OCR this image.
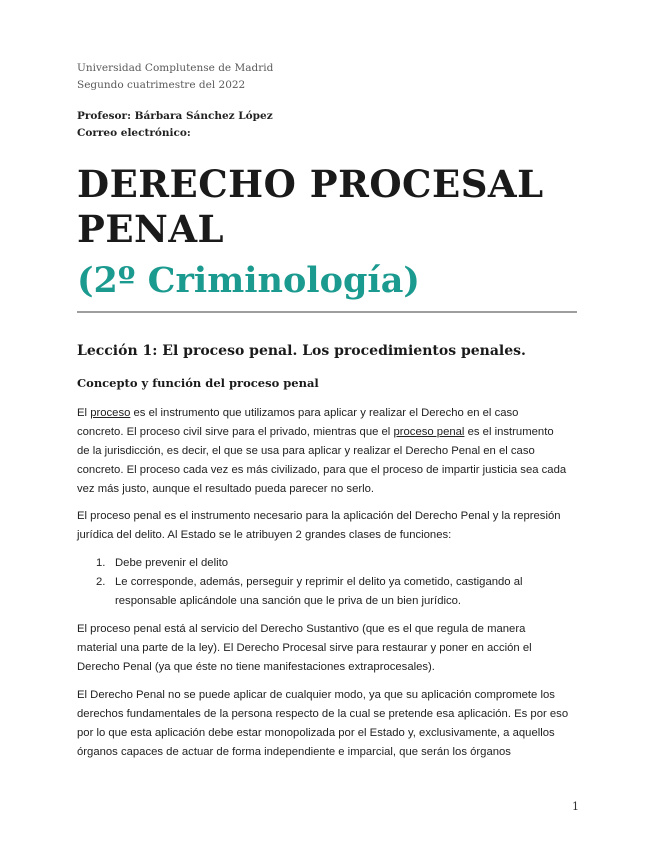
Universidad Complutense de Madrid
Segundo cuatrimestre del 2022
Profesor: Bárbara Sánchez López
Correo electrónico:
DERECHO PROCESAL
PENAL
(2º Criminología)
Lección 1: El proceso penal. Los procedimientos penales.
Concepto y función del proceso penal
El proceso es el instrumento que utilizamos para aplicar y realizar el Derecho en el caso
concreto. El proceso civil sirve para el privado, mientras que el proceso penal es el instrumento
de la jurisdicción, es decir, el que se usa para aplicar y realizar el Derecho Penal en el caso
concreto. El proceso cada vez es más civilizado, para que el proceso de impartir justicia sea cada
vez más justo, aunque el resultado pueda parecer no serlo.
El proceso penal es el instrumento necesario para la aplicación del Derecho Penal y la represión
jurídica del delito. Al Estado se le atribuyen 2 grandes clases de funciones:
1. Debe prevenir el delito
2. Le corresponde, además, perseguir y reprimir el delito ya cometido, castigando al
responsable aplicándole una sanción que le priva de un bien jurídico.
El proceso penal está al servicio del Derecho Sustantivo (que es el que regula de manera
material una parte de la ley). El Derecho Procesal sirve para restaurar y poner en acción el
Derecho Penal (ya que éste no tiene manifestaciones extraprocesales).
El Derecho Penal no se puede aplicar de cualquier modo, ya que su aplicación compromete los
derechos fundamentales de la persona respecto de la cual se pretende esa aplicación. Es por eso
por lo que esta aplicación debe estar monopolizada por el Estado y, exclusivamente, a aquellos
órganos capaces de actuar de forma independiente e imparcial, que serán los órganos
1
